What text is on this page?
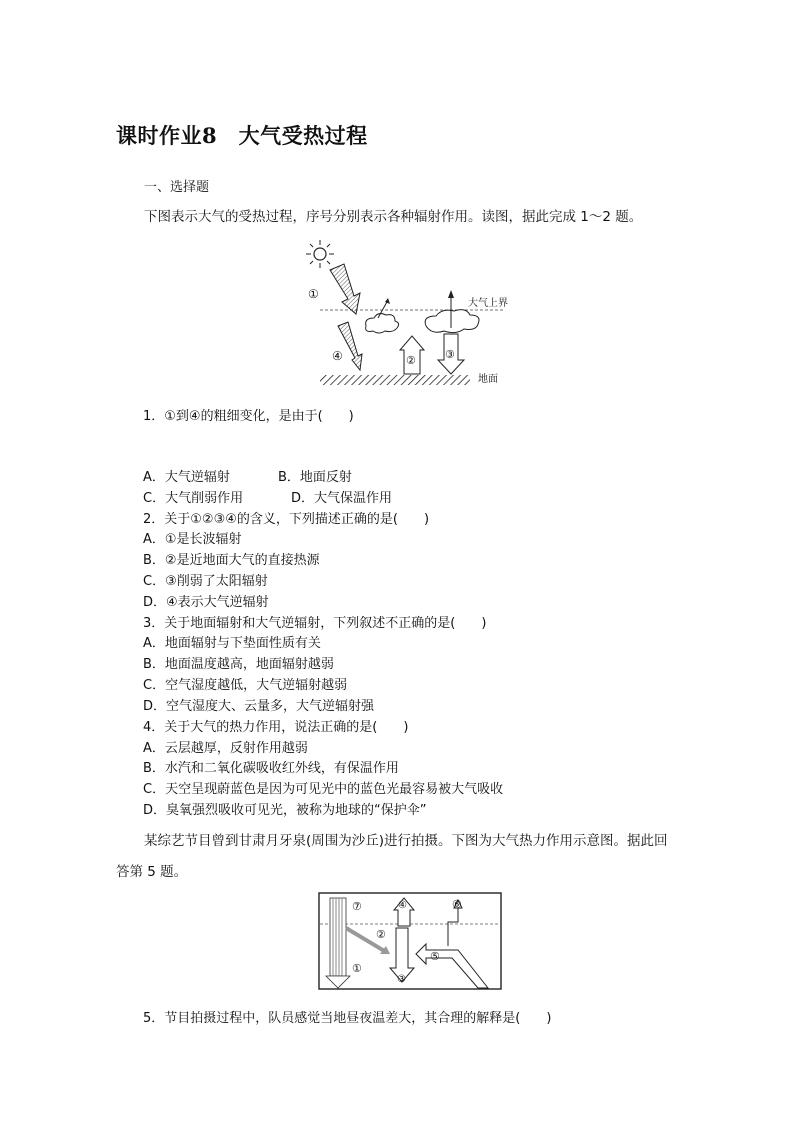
课时作业8　大气受热过程
一、选择题
下图表示大气的受热过程，序号分别表示各种辐射作用。读图，据此完成 1～2 题。
①
大气上界
④	②	③
地面
1．①到④的粗细变化，是由于(　　)
A．大气逆辐射	B．地面反射
C．大气削弱作用	D．大气保温作用
2．关于①②③④的含义，下列描述正确的是(　　)
A．①是长波辐射
B．②是近地面大气的直接热源
C．③削弱了太阳辐射
D．④表示大气逆辐射
3．关于地面辐射和大气逆辐射，下列叙述不正确的是(　　)
A．地面辐射与下垫面性质有关
B．地面温度越高，地面辐射越弱
C．空气湿度越低，大气逆辐射越弱
D．空气湿度大、云量多，大气逆辐射强
4．关于大气的热力作用，说法正确的是(　　)
A．云层越厚，反射作用越弱
B．水汽和二氧化碳吸收红外线，有保温作用
C．天空呈现蔚蓝色是因为可见光中的蓝色光最容易被大气吸收
D．臭氧强烈吸收可见光，被称为地球的“保护伞”
某综艺节目曾到甘肃月牙泉(周围为沙丘)进行拍摄。下图为大气热力作用示意图。据此回
答第 5 题。
①
⑦
②
③
④
⑤
⑥
5．节目拍摄过程中，队员感觉当地昼夜温差大，其合理的解释是(　　)
